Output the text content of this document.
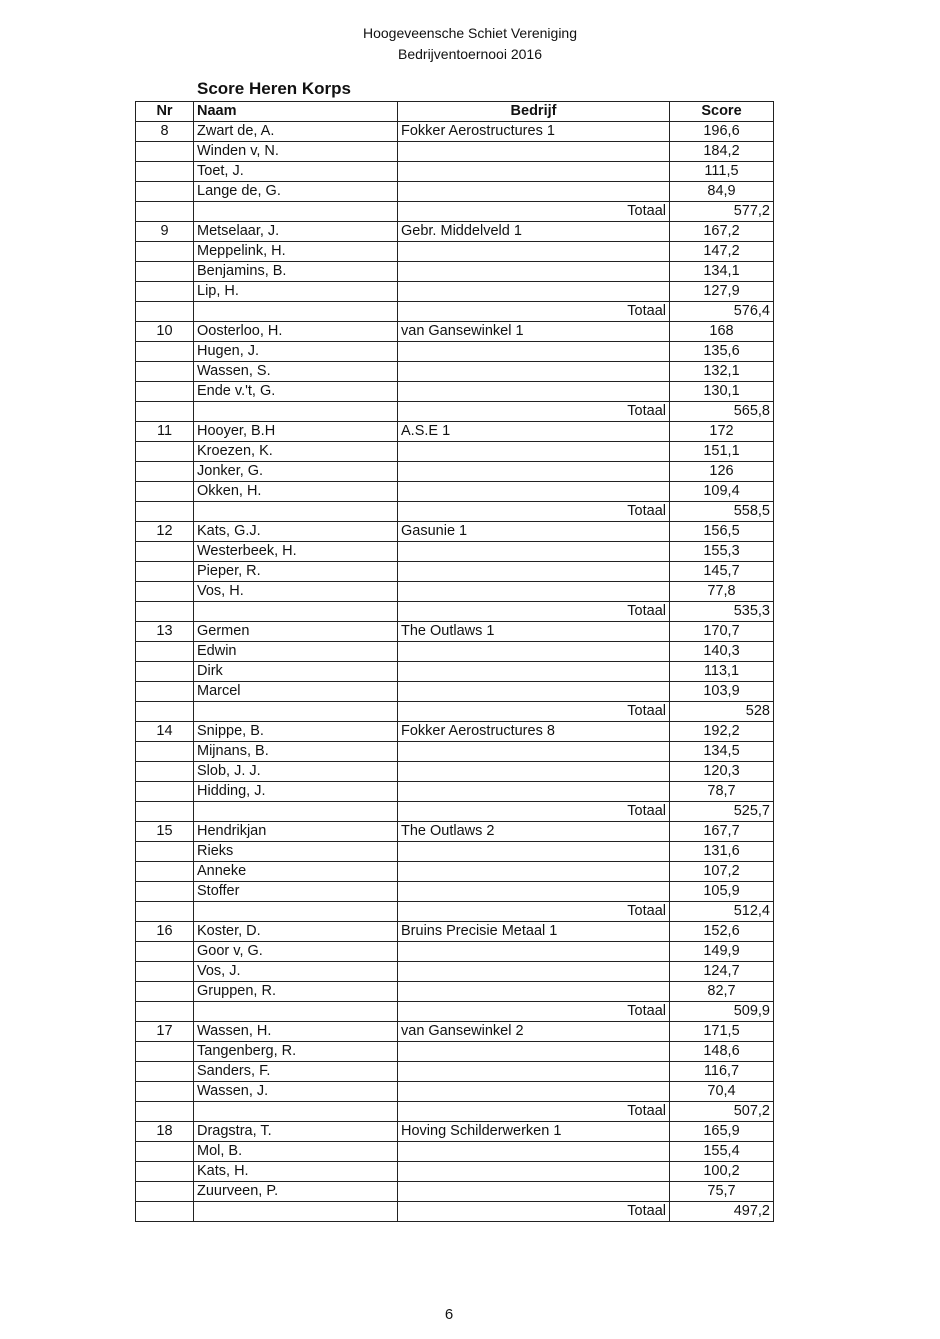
Hoogeveensche Schiet Vereniging
Bedrijventoernooi 2016
Score Heren Korps
Nr	Naam	Bedrijf	Score
8	Zwart de, A.	Fokker Aerostructures 1	196,6
	Winden v, N.		184,2
	Toet, J.		111,5
	Lange de, G.		84,9
		Totaal	577,2
9	Metselaar, J.	Gebr. Middelveld 1	167,2
	Meppelink, H.		147,2
	Benjamins, B.		134,1
	Lip, H.		127,9
		Totaal	576,4
10	Oosterloo, H.	van Gansewinkel 1	168
	Hugen, J.		135,6
	Wassen, S.		132,1
	Ende v.'t, G.		130,1
		Totaal	565,8
11	Hooyer, B.H	A.S.E 1	172
	Kroezen, K.		151,1
	Jonker, G.		126
	Okken, H.		109,4
		Totaal	558,5
12	Kats, G.J.	Gasunie 1	156,5
	Westerbeek, H.		155,3
	Pieper, R.		145,7
	Vos, H.		77,8
		Totaal	535,3
13	Germen	The Outlaws 1	170,7
	Edwin		140,3
	Dirk		113,1
	Marcel		103,9
		Totaal	528
14	Snippe, B.	Fokker Aerostructures 8	192,2
	Mijnans, B.		134,5
	Slob, J. J.		120,3
	Hidding, J.		78,7
		Totaal	525,7
15	Hendrikjan	The Outlaws 2	167,7
	Rieks		131,6
	Anneke		107,2
	Stoffer		105,9
		Totaal	512,4
16	Koster, D.	Bruins Precisie Metaal 1	152,6
	Goor v, G.		149,9
	Vos, J.		124,7
	Gruppen, R.		82,7
		Totaal	509,9
17	Wassen, H.	van Gansewinkel 2	171,5
	Tangenberg, R.		148,6
	Sanders, F.		116,7
	Wassen, J.		70,4
		Totaal	507,2
18	Dragstra, T.	Hoving Schilderwerken 1	165,9
	Mol, B.		155,4
	Kats, H.		100,2
	Zuurveen, P.		75,7
		Totaal	497,2
6
